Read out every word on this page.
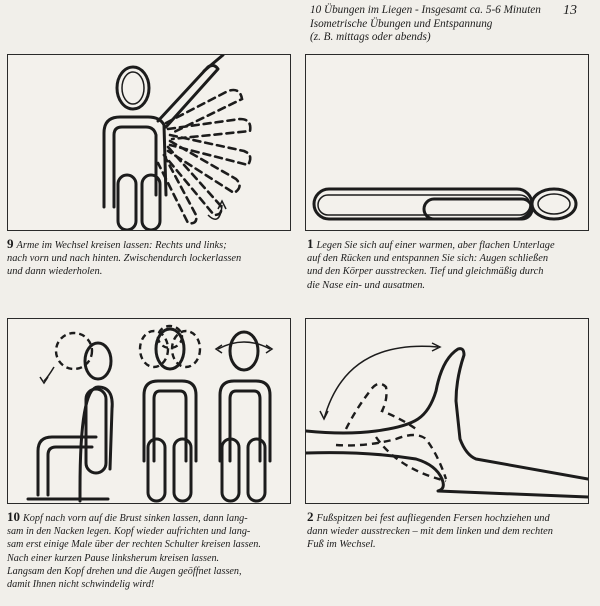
10 Übungen im Liegen - Insgesamt ca. 5-6 Minuten
Isometrische Übungen und Entspannung
(z. B. mittags oder abends)
13
9 Arme im Wechsel kreisen lassen: Rechts und links;
nach vorn und nach hinten. Zwischendurch lockerlassen
und dann wiederholen.
1 Legen Sie sich auf einer warmen, aber flachen Unterlage
auf den Rücken und entspannen Sie sich: Augen schließen
und den Körper ausstrecken. Tief und gleichmäßig durch
die Nase ein- und ausatmen.
10 Kopf nach vorn auf die Brust sinken lassen, dann lang-
sam in den Nacken legen. Kopf wieder aufrichten und lang-
sam erst einige Male über der rechten Schulter kreisen lassen.
Nach einer kurzen Pause linksherum kreisen lassen.
Langsam den Kopf drehen und die Augen geöffnet lassen,
damit Ihnen nicht schwindelig wird!
2 Fußspitzen bei fest aufliegenden Fersen hochziehen und
dann wieder ausstrecken – mit dem linken und dem rechten
Fuß im Wechsel.
